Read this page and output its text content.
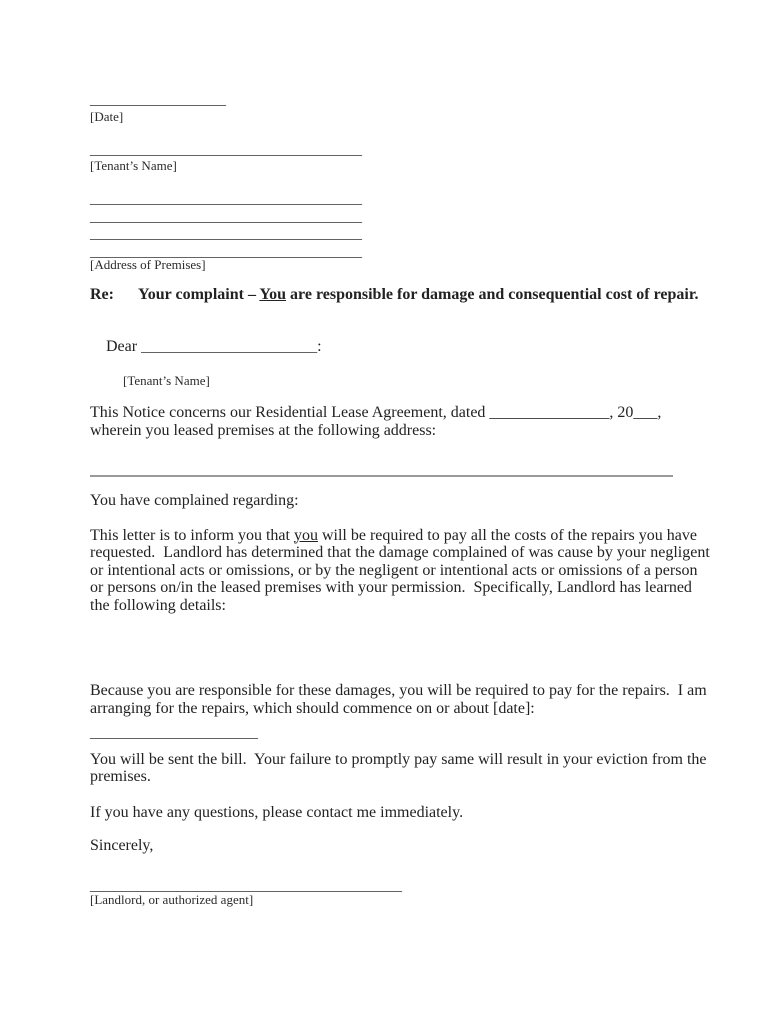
_________________
[Date]
__________________________________
[Tenant’s Name]
__________________________________
__________________________________
__________________________________
__________________________________
[Address of Premises]
Re: Your complaint – You are responsible for damage and consequential cost of repair.

Dear ______________________:

[Tenant’s Name]
This Notice concerns our Residential Lease Agreement, dated _______________, 20___,
wherein you leased premises at the following address:
You have complained regarding:
This letter is to inform you that you will be required to pay all the costs of the repairs you have
requested.  Landlord has determined that the damage complained of was cause by your negligent
or intentional acts or omissions, or by the negligent or intentional acts or omissions of a person
or persons on/in the leased premises with your permission.  Specifically, Landlord has learned
the following details:
Because you are responsible for these damages, you will be required to pay for the repairs.  I am
arranging for the repairs, which should commence on or about [date]:
_____________________
You will be sent the bill.  Your failure to promptly pay same will result in your eviction from the
premises.
If you have any questions, please contact me immediately.
Sincerely,
_______________________________________
[Landlord, or authorized agent]
